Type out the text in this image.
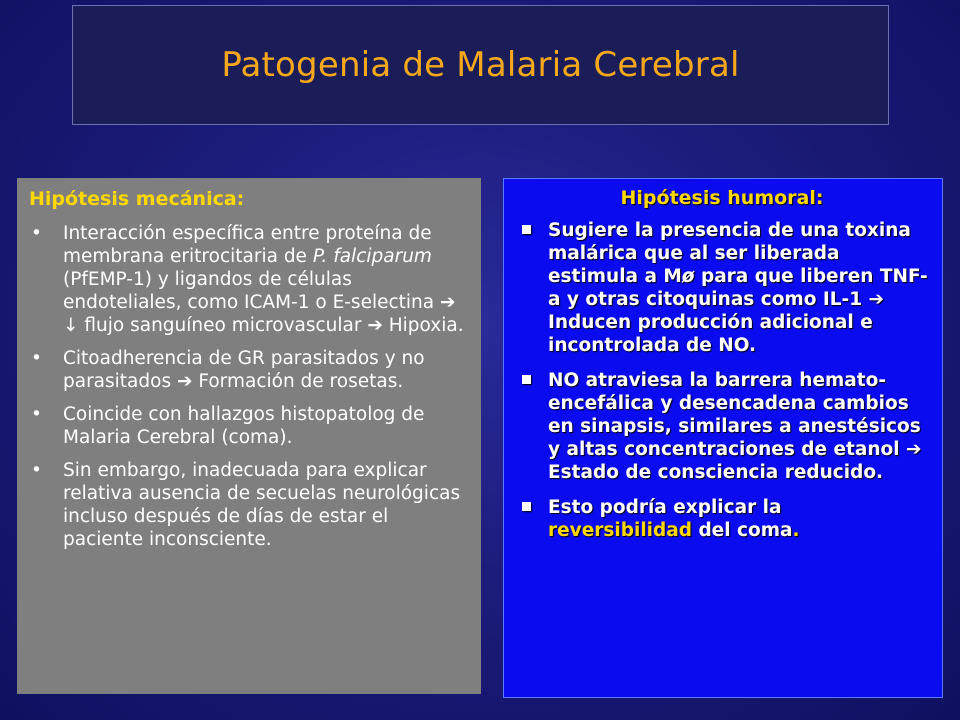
Patogenia de Malaria Cerebral
Hipótesis mecánica:
• Interacción específica entre proteína de membrana eritrocitaria de P. falciparum (PfEMP-1) y ligandos de células endoteliales, como ICAM-1 o E-selectina ➔ ↓ flujo sanguíneo microvascular ➔ Hipoxia.
• Citoadherencia de GR parasitados y no parasitados ➔ Formación de rosetas.
• Coincide con hallazgos histopatolog de Malaria Cerebral (coma).
• Sin embargo, inadecuada para explicar relativa ausencia de secuelas neurológicas incluso después de días de estar el paciente inconsciente.
Hipótesis humoral:
Sugiere la presencia de una toxina malárica que al ser liberada estimula a Mø para que liberen TNF-a y otras citoquinas como IL-1 ➔ Inducen producción adicional e incontrolada de NO.
NO atraviesa la barrera hemato-encefálica y desencadena cambios en sinapsis, similares a anestésicos y altas concentraciones de etanol ➔ Estado de consciencia reducido.
Esto podría explicar la reversibilidad del coma.
